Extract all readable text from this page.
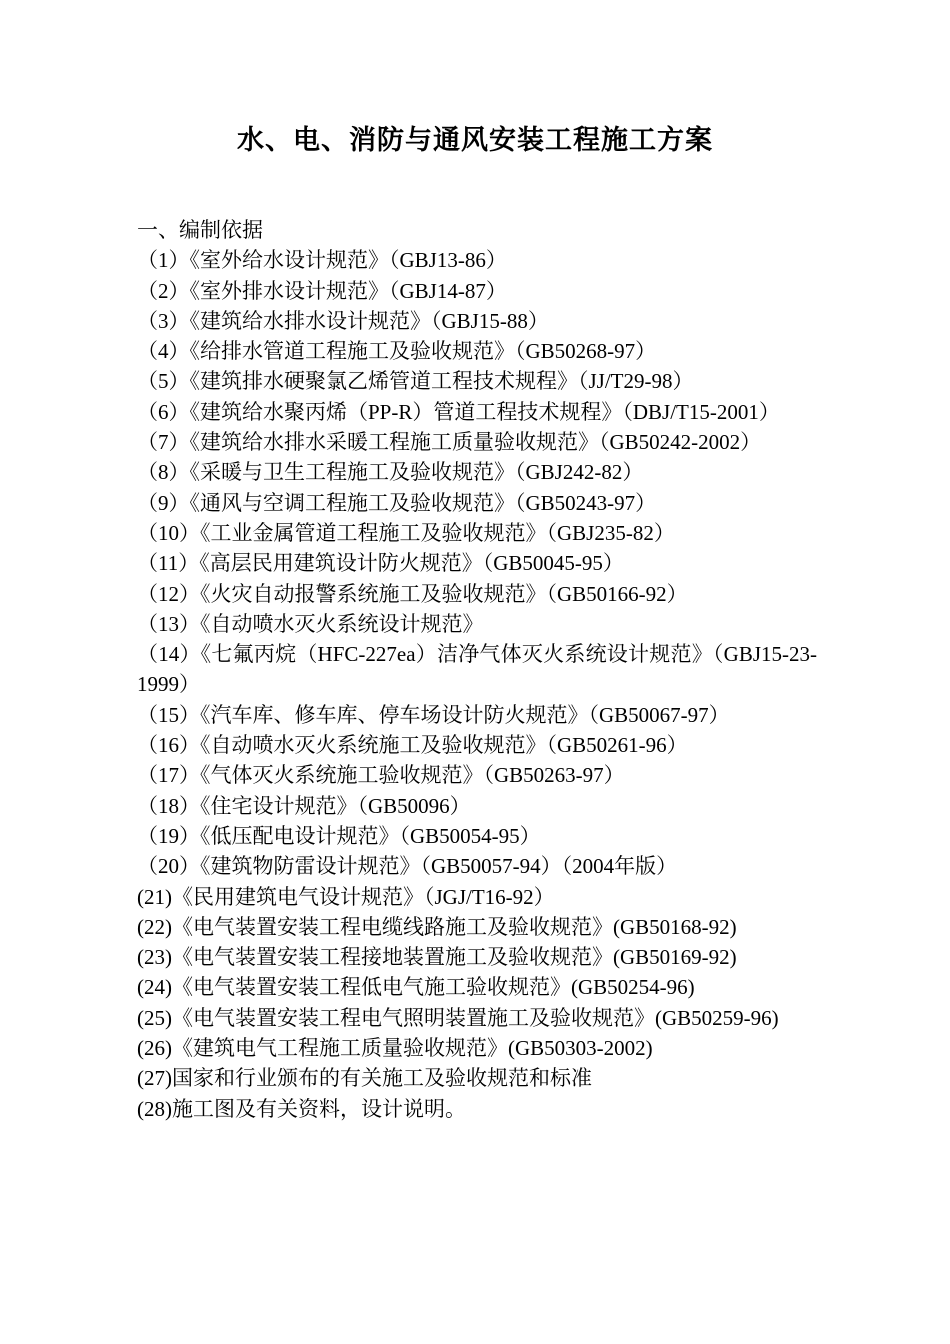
水、电、消防与通风安装工程施工方案
一、编制依据
（1）《室外给水设计规范》（GBJ13-86）
（2）《室外排水设计规范》（GBJ14-87）
（3）《建筑给水排水设计规范》（GBJ15-88）
（4）《给排水管道工程施工及验收规范》（GB50268-97）
（5）《建筑排水硬聚氯乙烯管道工程技术规程》（JJ/T29-98）
（6）《建筑给水聚丙烯（PP-R）管道工程技术规程》（DBJ/T15-2001）
（7）《建筑给水排水采暖工程施工质量验收规范》（GB50242-2002）
（8）《采暖与卫生工程施工及验收规范》（GBJ242-82）
（9）《通风与空调工程施工及验收规范》（GB50243-97）
（10）《工业金属管道工程施工及验收规范》（GBJ235-82）
（11）《高层民用建筑设计防火规范》（GB50045-95）
（12）《火灾自动报警系统施工及验收规范》（GB50166-92）
（13）《自动喷水灭火系统设计规范》
（14）《七氟丙烷（HFC-227ea）洁净气体灭火系统设计规范》（GBJ15-23-1999）
（15）《汽车库、修车库、停车场设计防火规范》（GB50067-97）
（16）《自动喷水灭火系统施工及验收规范》（GB50261-96）
（17）《气体灭火系统施工验收规范》（GB50263-97）
（18）《住宅设计规范》（GB50096）
（19）《低压配电设计规范》（GB50054-95）
（20）《建筑物防雷设计规范》（GB50057-94）（2004年版）
(21)《民用建筑电气设计规范》（JGJ/T16-92）
(22)《电气装置安装工程电缆线路施工及验收规范》(GB50168-92)
(23)《电气装置安装工程接地装置施工及验收规范》(GB50169-92)
(24)《电气装置安装工程低电气施工验收规范》(GB50254-96)
(25)《电气装置安装工程电气照明装置施工及验收规范》(GB50259-96)
(26)《建筑电气工程施工质量验收规范》(GB50303-2002)
(27)国家和行业颁布的有关施工及验收规范和标准
(28)施工图及有关资料，设计说明。
